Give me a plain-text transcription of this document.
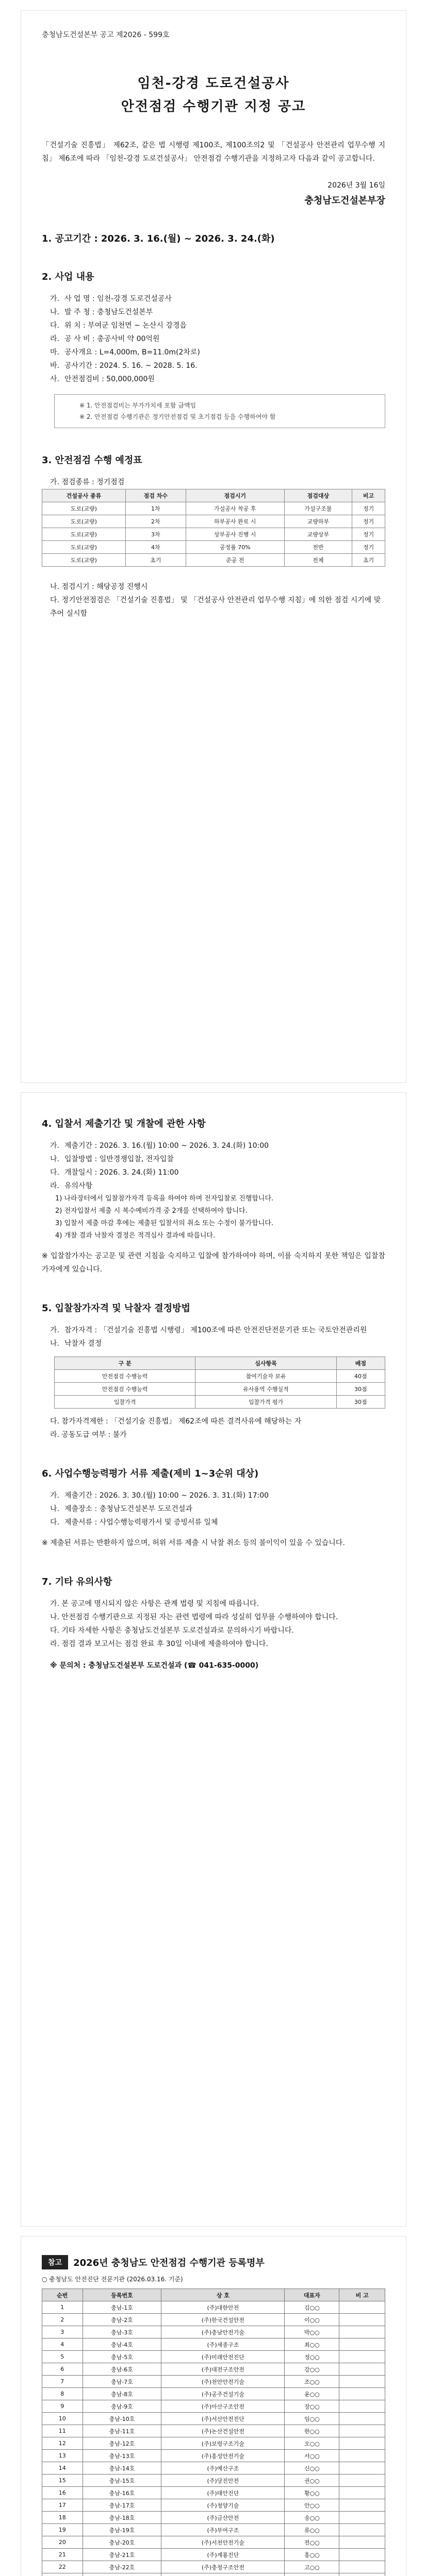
충청남도건설본부 공고 제2026 - 599호
임천-강경 도로건설공사
안전점검 수행기관 지정 공고
「건설기술 진흥법」 제62조, 같은 법 시행령 제100조, 제100조의2 및 「건설공사 안전관리 업무수행 지침」 제6조에 따라 「임천-강경 도로건설공사」 안전점검 수행기관을 지정하고자 다음과 같이 공고합니다.
2026년 3월 16일
충청남도건설본부장
1. 공고기간 : 2026. 3. 16.(월) ~ 2026. 3. 24.(화)
2. 사업 내용
가. 사 업 명 : 임천-강경 도로건설공사
나. 발 주 청 : 충청남도건설본부
다. 위 치 : 부여군 임천면 ~ 논산시 강경읍
라. 공 사 비 : 총공사비 약 00억원
마. 공사개요 : L=4,000m, B=11.0m(2차로)
바. 공사기간 : 2024. 5. 16. ~ 2028. 5. 16.
사. 안전점검비 : 50,000,000원
※ 1. 안전점검비는 부가가치세 포함 금액임
※ 2. 안전점검 수행기관은 정기안전점검 및 초기점검 등을 수행하여야 함
3. 안전점검 수행 예정표
가. 점검종류 : 정기점검
건설공사 종류	점검 차수	점검시기	점검대상	비고
도로(교량)	1차	가설공사 착공 후	가설구조물	정기
도로(교량)	2차	하부공사 완료 시	교량하부	정기
도로(교량)	3차	상부공사 진행 시	교량상부	정기
도로(교량)	4차	공정률 70%	전반	정기
도로(교량)	초기	준공 전	전체	초기
나. 점검시기 : 해당공정 진행시
다. 정기안전점검은 「건설기술 진흥법」 및 「건설공사 안전관리 업무수행 지침」에 의한 점검 시기에 맞추어 실시함
4. 입찰서 제출기간 및 개찰에 관한 사항
가. 제출기간 : 2026. 3. 16.(월) 10:00 ~ 2026. 3. 24.(화) 10:00
나. 입찰방법 : 일반경쟁입찰, 전자입찰
다. 개찰일시 : 2026. 3. 24.(화) 11:00
라. 유의사항
1) 나라장터에서 입찰참가자격 등록을 하여야 하며 전자입찰로 진행합니다.
2) 전자입찰서 제출 시 복수예비가격 중 2개를 선택하여야 합니다.
3) 입찰서 제출 마감 후에는 제출된 입찰서의 취소 또는 수정이 불가합니다.
4) 개찰 결과 낙찰자 결정은 적격심사 결과에 따릅니다.
※ 입찰참가자는 공고문 및 관련 지침을 숙지하고 입찰에 참가하여야 하며, 이를 숙지하지 못한 책임은 입찰참가자에게 있습니다.
5. 입찰참가자격 및 낙찰자 결정방법
가. 참가자격 : 「건설기술 진흥법 시행령」 제100조에 따른 안전진단전문기관 또는 국토안전관리원
나. 낙찰자 결정
구 분	심사항목	배점
안전점검 수행능력	참여기술자 보유	40점
안전점검 수행능력	유사용역 수행실적	30점
입찰가격	입찰가격 평가	30점
다. 참가자격제한 : 「건설기술 진흥법」 제62조에 따른 결격사유에 해당하는 자
라. 공동도급 여부 : 불가
6. 사업수행능력평가 서류 제출(제비 1~3순위 대상)
가. 제출기간 : 2026. 3. 30.(월) 10:00 ~ 2026. 3. 31.(화) 17:00
나. 제출장소 : 충청남도건설본부 도로건설과
다. 제출서류 : 사업수행능력평가서 및 증빙서류 일체
※ 제출된 서류는 반환하지 않으며, 허위 서류 제출 시 낙찰 취소 등의 불이익이 있을 수 있습니다.
7. 기타 유의사항
가. 본 공고에 명시되지 않은 사항은 관계 법령 및 지침에 따릅니다.
나. 안전점검 수행기관으로 지정된 자는 관련 법령에 따라 성실히 업무를 수행하여야 합니다.
다. 기타 자세한 사항은 충청남도건설본부 도로건설과로 문의하시기 바랍니다.
라. 점검 결과 보고서는 점검 완료 후 30일 이내에 제출하여야 합니다.
※ 문의처 : 충청남도건설본부 도로건설과 (☎ 041-635-0000)
참고	2026년 충청남도 안전점검 수행기관 등록명부
○ 충청남도 안전진단 전문기관 (2026.03.16. 기준)
순번	등록번호	상 호	대표자	비 고
1	충남-1호	(주)대한안전	김○○	
2	충남-2호	(주)한국건설안전	이○○	
3	충남-3호	(주)충남안전기술	박○○	
4	충남-4호	(주)세종구조	최○○	
5	충남-5호	(주)미래안전진단	정○○	
6	충남-6호	(주)대전구조안전	강○○	
7	충남-7호	(주)천안안전기술	조○○	
8	충남-8호	(주)공주건설기술	윤○○	
9	충남-9호	(주)아산구조안전	장○○	
10	충남-10호	(주)서산안전진단	임○○	
11	충남-11호	(주)논산건설안전	한○○	
12	충남-12호	(주)보령구조기술	오○○	
13	충남-13호	(주)홍성안전기술	서○○	
14	충남-14호	(주)예산구조	신○○	
15	충남-15호	(주)당진안전	권○○	
16	충남-16호	(주)태안진단	황○○	
17	충남-17호	(주)청양기술	안○○	
18	충남-18호	(주)금산안전	송○○	
19	충남-19호	(주)부여구조	류○○	
20	충남-20호	(주)서천안전기술	전○○	
21	충남-21호	(주)계룡진단	홍○○	
22	충남-22호	(주)충청구조안전	고○○	
